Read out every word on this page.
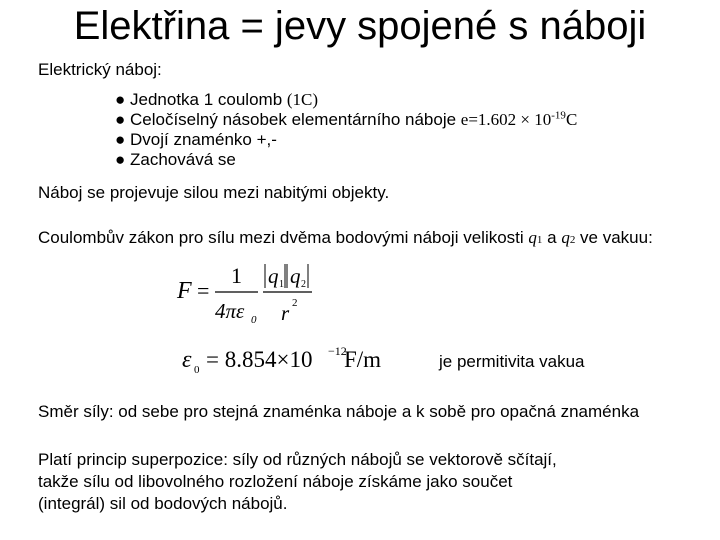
Elektřina = jevy spojené s náboji
Elektrický náboj:
● Jednotka 1 coulomb (1C)
● Celočíselný násobek elementárního náboje $e=1.602 \times 10^{-19}C$
● Dvojí znaménko +,-
● Zachovává se
Náboj se projevuje silou mezi nabitými objekty.
Coulombův zákon pro sílu mezi dvěma bodovými náboji velikosti q1 a q2 ve vakuu:
F =
1
4πε 0
q 1 q 2
r 2
ε 0 = 8.854×10 −12
F/m	je permitivita vakua
Směr síly: od sebe pro stejná znaménka náboje a k sobě pro opačná znaménka
Platí princip superpozice: síly od různých nábojů se vektorově sčítají,
takže sílu od libovolného rozložení náboje získáme jako součet
(integrál) sil od bodových nábojů.
